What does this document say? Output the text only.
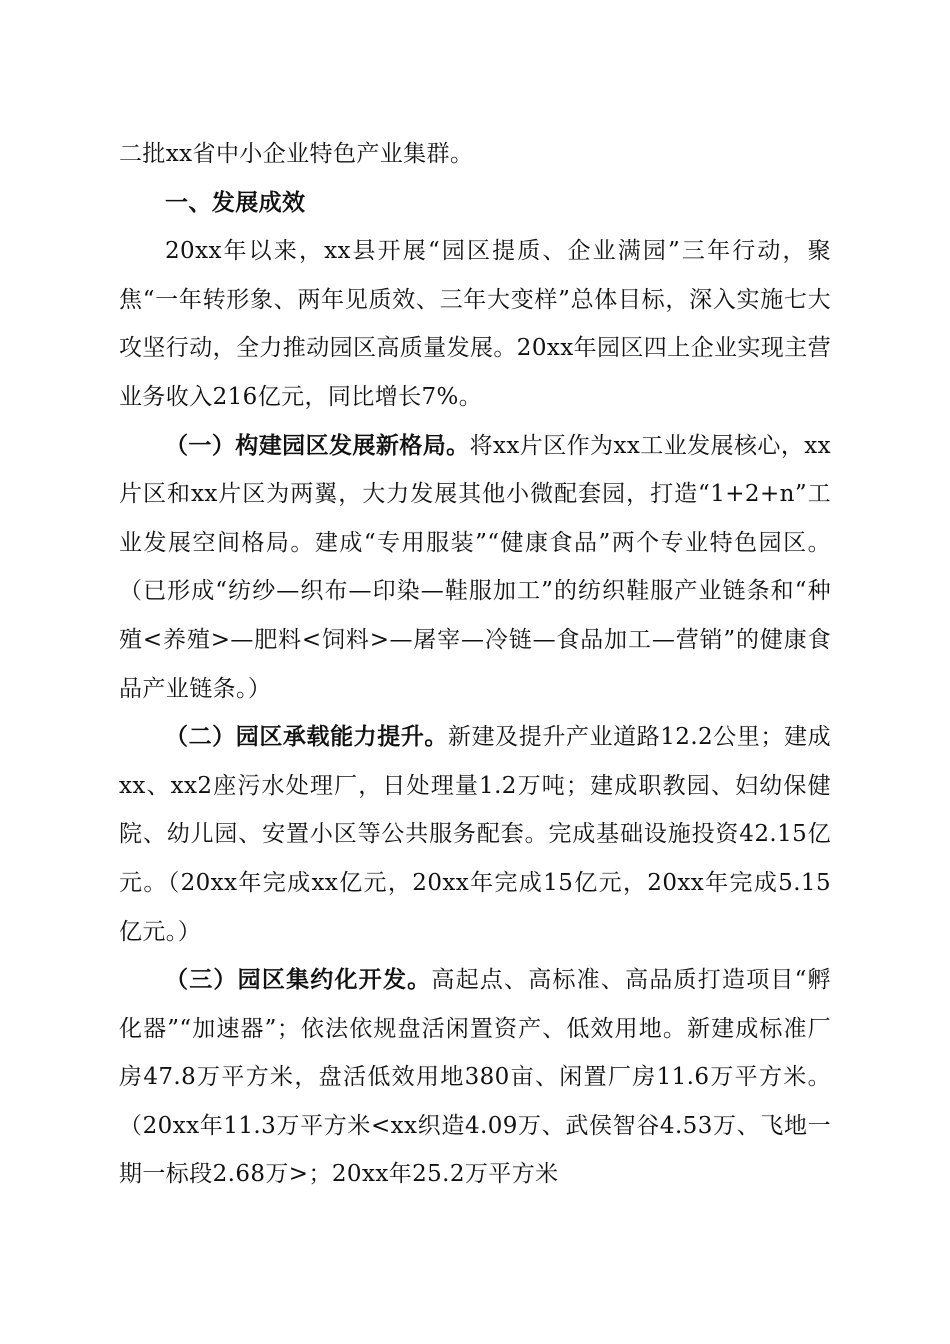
二批xx省中小企业特色产业集群。

一、发展成效

20xx年以来，xx县开展“园区提质、企业满园”三年行动，聚焦“一年转形象、两年见质效、三年大变样”总体目标，深入实施七大攻坚行动，全力推动园区高质量发展。20xx年园区四上企业实现主营业务收入216亿元，同比增长7%。

（一）构建园区发展新格局。将xx片区作为xx工业发展核心，xx片区和xx片区为两翼，大力发展其他小微配套园，打造“1+2+n”工业发展空间格局。建成“专用服装”“健康食品”两个专业特色园区。（已形成“纺纱—织布—印染—鞋服加工”的纺织鞋服产业链条和“种殖<养殖>—肥料<饲料>—屠宰—冷链—食品加工—营销”的健康食品产业链条。）

（二）园区承载能力提升。新建及提升产业道路12.2公里；建成xx、xx2座污水处理厂，日处理量1.2万吨；建成职教园、妇幼保健院、幼儿园、安置小区等公共服务配套。完成基础设施投资42.15亿元。（20xx年完成xx亿元，20xx年完成15亿元，20xx年完成5.15亿元。）

（三）园区集约化开发。高起点、高标准、高品质打造项目“孵化器”“加速器”；依法依规盘活闲置资产、低效用地。新建成标准厂房47.8万平方米，盘活低效用地380亩、闲置厂房11.6万平方米。（20xx年11.3万平方米<xx织造4.09万、武侯智谷4.53万、飞地一期一标段2.68万>；20xx年25.2万平方米
